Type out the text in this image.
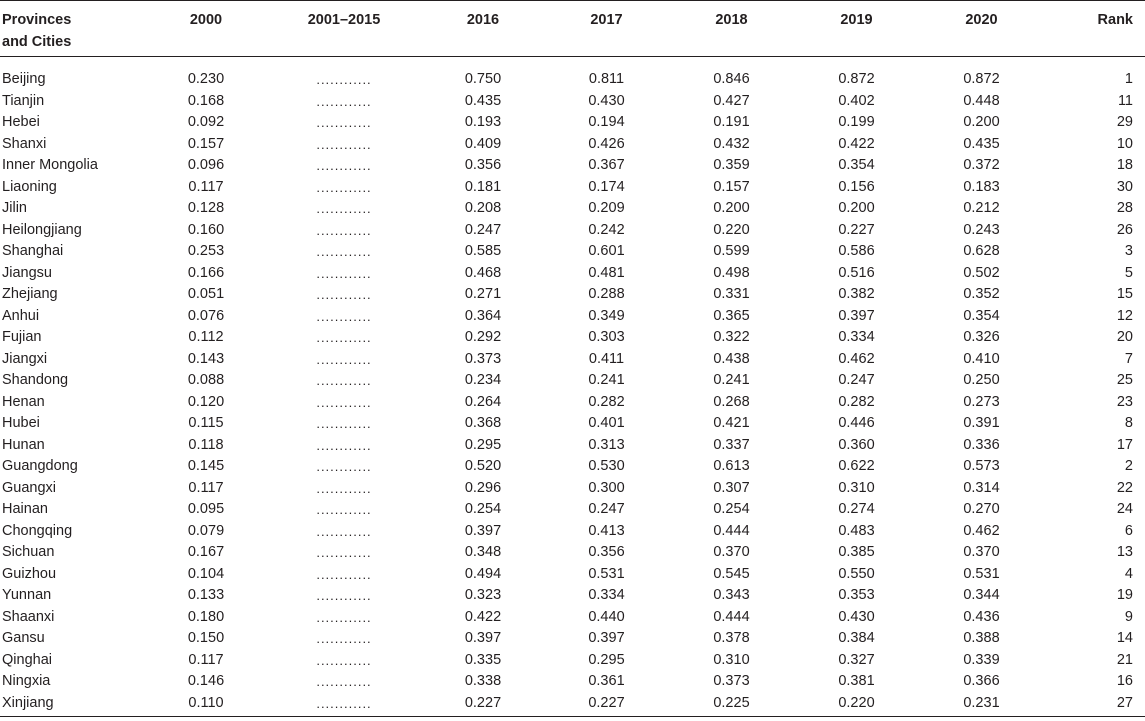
Provinces
and Cities	2000	2001–2015	2016	2017	2018	2019	2020	Rank

Beijing	0.230	............	0.750	0.811	0.846	0.872	0.872	1
Tianjin	0.168	............	0.435	0.430	0.427	0.402	0.448	11
Hebei	0.092	............	0.193	0.194	0.191	0.199	0.200	29
Shanxi	0.157	............	0.409	0.426	0.432	0.422	0.435	10
Inner Mongolia	0.096	............	0.356	0.367	0.359	0.354	0.372	18
Liaoning	0.117	............	0.181	0.174	0.157	0.156	0.183	30
Jilin	0.128	............	0.208	0.209	0.200	0.200	0.212	28
Heilongjiang	0.160	............	0.247	0.242	0.220	0.227	0.243	26
Shanghai	0.253	............	0.585	0.601	0.599	0.586	0.628	3
Jiangsu	0.166	............	0.468	0.481	0.498	0.516	0.502	5
Zhejiang	0.051	............	0.271	0.288	0.331	0.382	0.352	15
Anhui	0.076	............	0.364	0.349	0.365	0.397	0.354	12
Fujian	0.112	............	0.292	0.303	0.322	0.334	0.326	20
Jiangxi	0.143	............	0.373	0.411	0.438	0.462	0.410	7
Shandong	0.088	............	0.234	0.241	0.241	0.247	0.250	25
Henan	0.120	............	0.264	0.282	0.268	0.282	0.273	23
Hubei	0.115	............	0.368	0.401	0.421	0.446	0.391	8
Hunan	0.118	............	0.295	0.313	0.337	0.360	0.336	17
Guangdong	0.145	............	0.520	0.530	0.613	0.622	0.573	2
Guangxi	0.117	............	0.296	0.300	0.307	0.310	0.314	22
Hainan	0.095	............	0.254	0.247	0.254	0.274	0.270	24
Chongqing	0.079	............	0.397	0.413	0.444	0.483	0.462	6
Sichuan	0.167	............	0.348	0.356	0.370	0.385	0.370	13
Guizhou	0.104	............	0.494	0.531	0.545	0.550	0.531	4
Yunnan	0.133	............	0.323	0.334	0.343	0.353	0.344	19
Shaanxi	0.180	............	0.422	0.440	0.444	0.430	0.436	9
Gansu	0.150	............	0.397	0.397	0.378	0.384	0.388	14
Qinghai	0.117	............	0.335	0.295	0.310	0.327	0.339	21
Ningxia	0.146	............	0.338	0.361	0.373	0.381	0.366	16
Xinjiang	0.110	............	0.227	0.227	0.225	0.220	0.231	27
